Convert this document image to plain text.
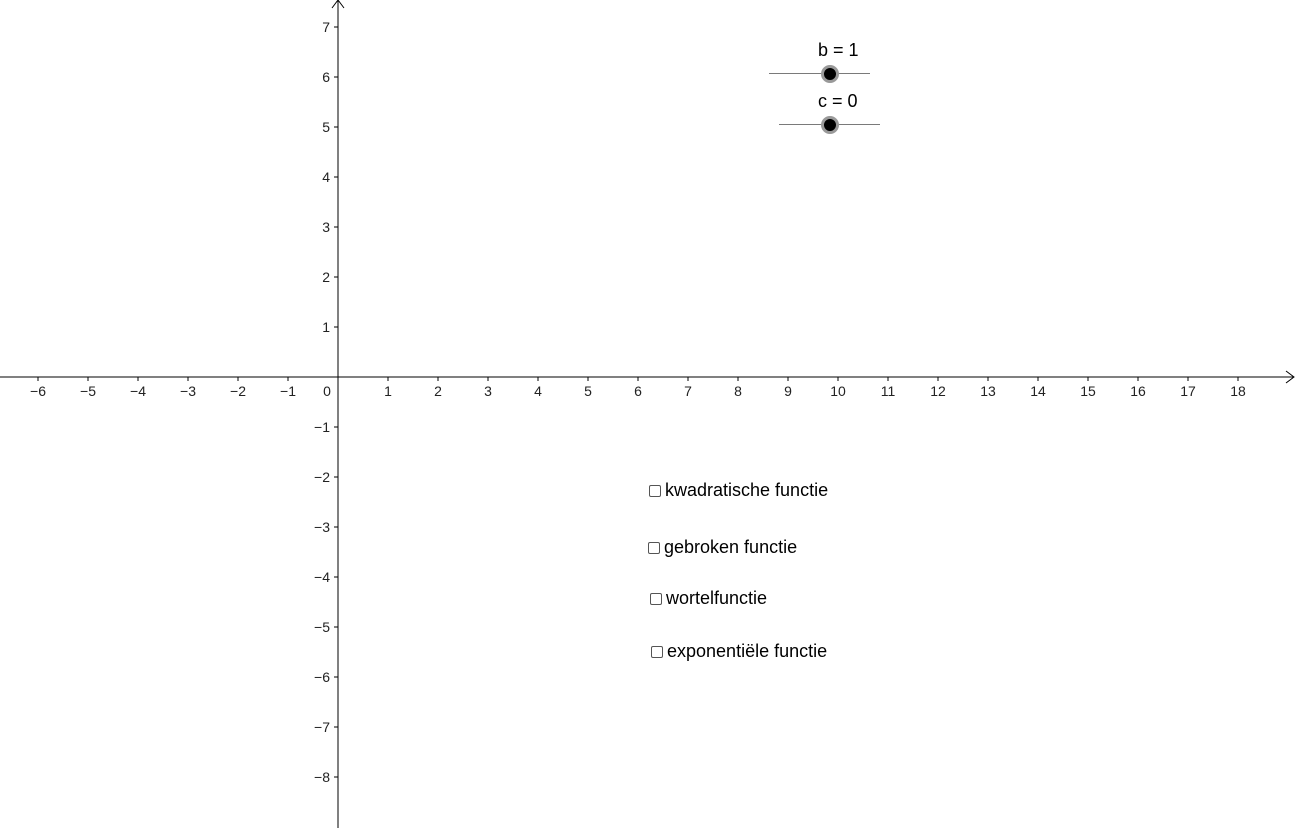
−6 −5 −4 −3 −2 −1	1	2	3	4	5	6	7	8	9	10 11 12 13 14 15 16 17 18
7
6
5
4
3
2
1
−1
−2
−3
−4
−5
−6
−7
−8
0
b = 1
c = 0
kwadratische functie
gebroken functie
wortelfunctie
exponentiële functie
